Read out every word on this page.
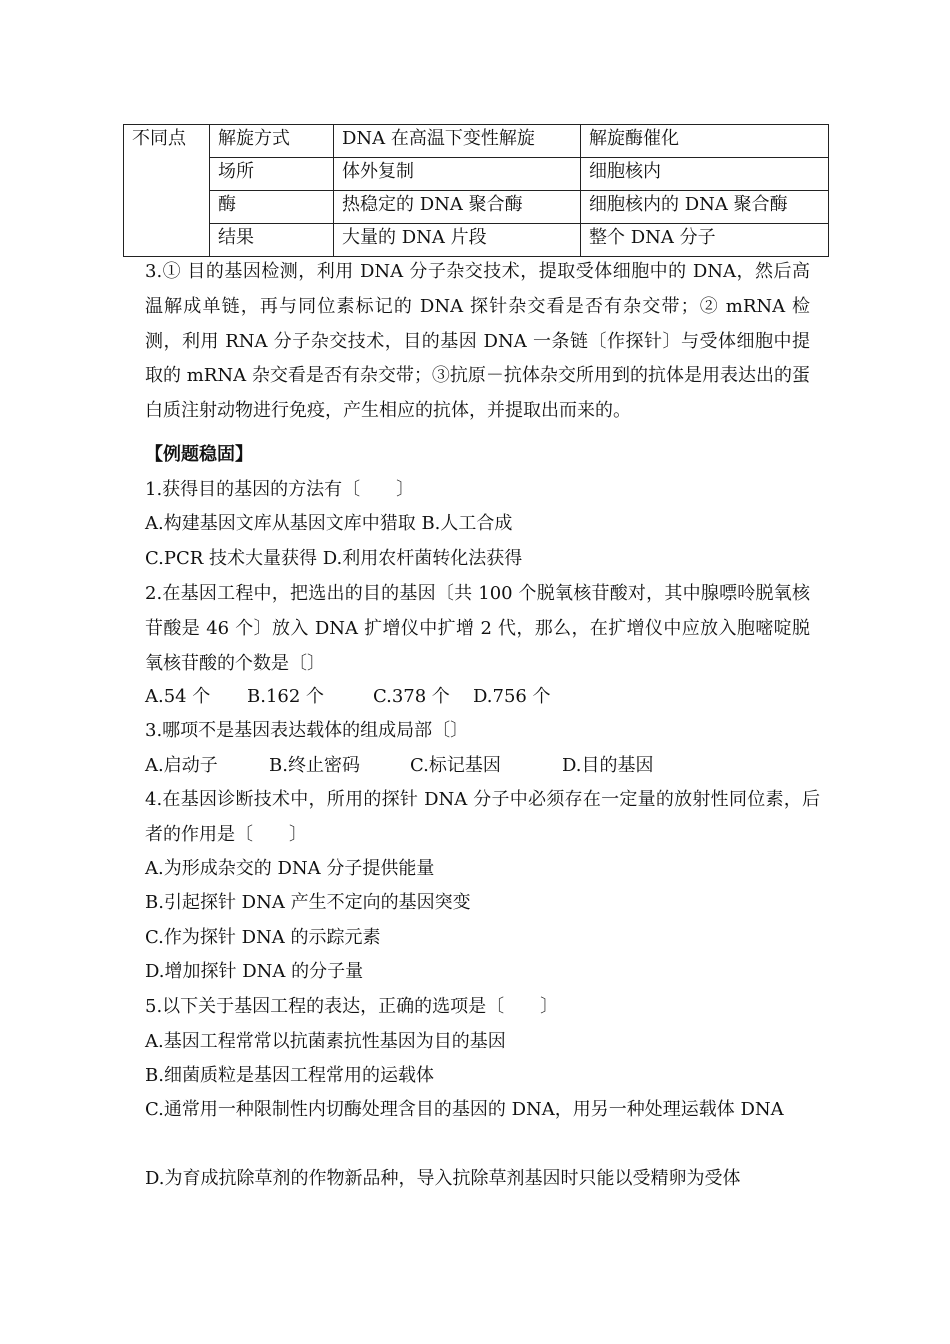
不同点	解旋方式	DNA 在高温下变性解旋	解旋酶催化
	场所	体外复制	细胞核内
	酶	热稳定的 DNA 聚合酶	细胞核内的 DNA 聚合酶
	结果	大量的 DNA 片段	整个 DNA 分子

3.① 目的基因检测，利用 DNA 分子杂交技术，提取受体细胞中的 DNA，然后高温解成单链，再与同位素标记的 DNA 探针杂交看是否有杂交带；② mRNA 检测，利用 RNA 分子杂交技术，目的基因 DNA 一条链〔作探针〕与受体细胞中提取的 mRNA 杂交看是否有杂交带；③抗原－抗体杂交所用到的抗体是用表达出的蛋白质注射动物进行免疫，产生相应的抗体，并提取出而来的。

【例题稳固】

1.获得目的基因的方法有〔　　〕

A.构建基因文库从基因文库中猎取 B.人工合成

C.PCR 技术大量获得 D.利用农杆菌转化法获得

2.在基因工程中，把选出的目的基因〔共 100 个脱氧核苷酸对，其中腺嘌呤脱氧核苷酸是 46 个〕放入 DNA 扩增仪中扩增 2 代，那么，在扩增仪中应放入胞嘧啶脱氧核苷酸的个数是〔〕

A.54 个 B.162 个	C.378 个 D.756 个

3.哪项不是基因表达载体的组成局部〔〕

A.启动子	B.终止密码	C.标记基因	D.目的基因

4.在基因诊断技术中，所用的探针 DNA 分子中必须存在一定量的放射性同位素，后者的作用是〔　　〕

A.为形成杂交的 DNA 分子提供能量

B.引起探针 DNA 产生不定向的基因突变

C.作为探针 DNA 的示踪元素

D.增加探针 DNA 的分子量

5.以下关于基因工程的表达，正确的选项是〔　　〕

A.基因工程常常以抗菌素抗性基因为目的基因

B.细菌质粒是基因工程常用的运载体

C.通常用一种限制性内切酶处理含目的基因的 DNA，用另一种处理运载体 DNA

D.为育成抗除草剂的作物新品种，导入抗除草剂基因时只能以受精卵为受体
